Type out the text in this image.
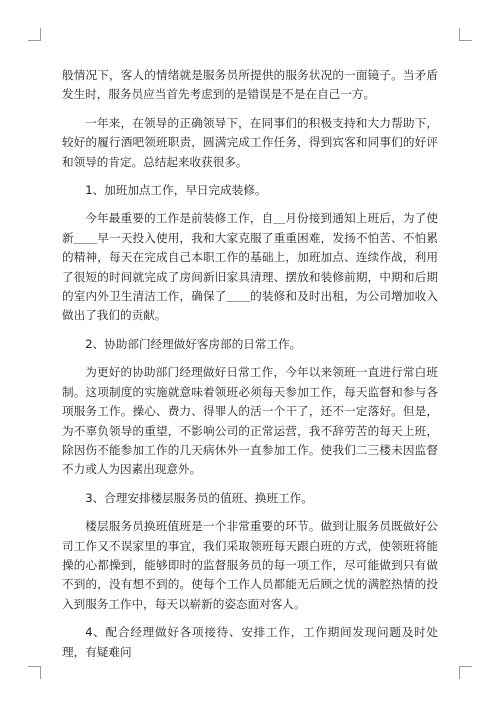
般情况下，客人的情绪就是服务员所提供的服务状况的一面镜子。当矛盾发生时，服务员应当首先考虑到的是错误是不是在自己一方。

一年来，在领导的正确领导下，在同事们的积极支持和大力帮助下，较好的履行酒吧领班职责，圆满完成工作任务，得到宾客和同事们的好评和领导的肯定。总结起来收获很多。

1、加班加点工作，早日完成装修。

今年最重要的工作是前装修工作，自＿月份接到通知上班后，为了使新＿＿早一天投入使用，我和大家克服了重重困难，发扬不怕苦、不怕累的精神，每天在完成自己本职工作的基础上，加班加点、连续作战，利用了很短的时间就完成了房间新旧家具清理、摆放和装修前期，中期和后期的室内外卫生清洁工作，确保了＿＿的装修和及时出租，为公司增加收入做出了我们的贡献。

2、协助部门经理做好客房部的日常工作。

为更好的协助部门经理做好日常工作，今年以来领班一直进行常白班制。这项制度的实施就意味着领班必须每天参加工作，每天监督和参与各项服务工作。操心、费力、得罪人的活一个干了，还不一定落好。但是，为不辜负领导的重望，不影响公司的正常运营，我不辞劳苦的每天上班，除因伤不能参加工作的几天病休外一直参加工作。使我们二三楼未因监督不力或人为因素出现意外。

3、合理安排楼层服务员的值班、换班工作。

楼层服务员换班值班是一个非常重要的环节。做到让服务员既做好公司工作又不误家里的事宜，我们采取领班每天跟白班的方式，使领班将能操的心都操到，能够即时的监督服务员的每一项工作，尽可能做到只有做不到的，没有想不到的。使每个工作人员都能无后顾之忧的满腔热情的投入到服务工作中，每天以崭新的姿态面对客人。

4、配合经理做好各项接待、安排工作，工作期间发现问题及时处理，有疑难问
